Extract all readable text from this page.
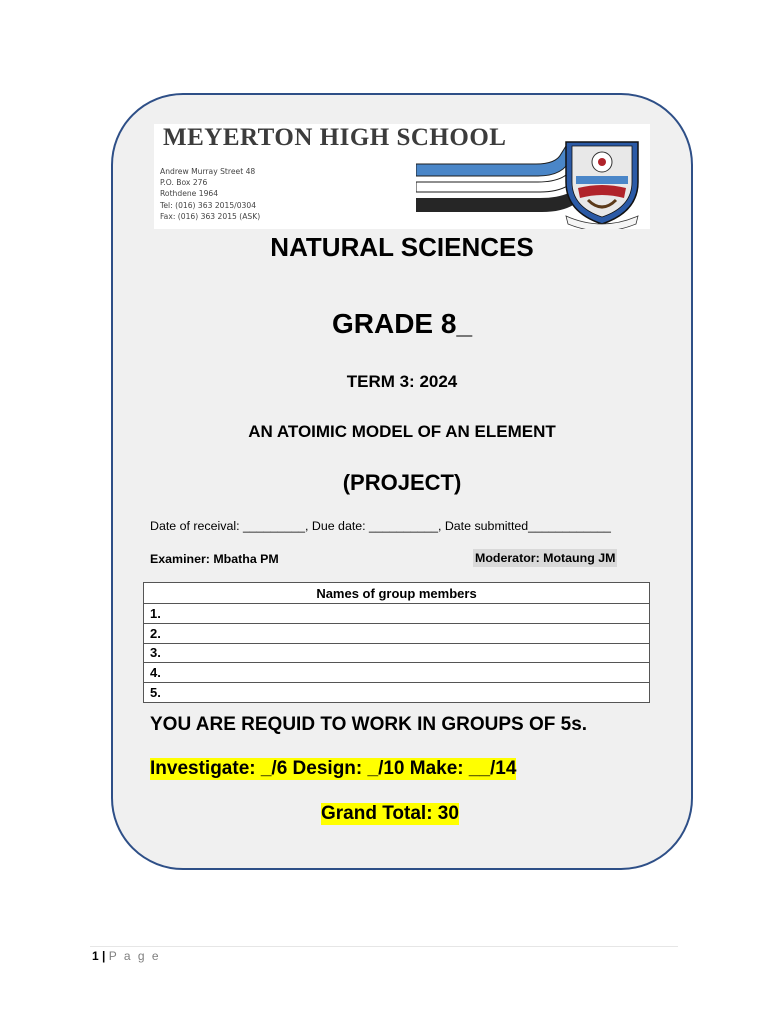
MEYERTON HIGH SCHOOL
Andrew Murray Street 48
P.O. Box 276
Rothdene 1964
Tel: (016) 363 2015/0304
Fax: (016) 363 2015 (ASK)
NATURAL SCIENCES
GRADE 8_
TERM 3: 2024
AN ATOIMIC MODEL OF AN ELEMENT
(PROJECT)
Date of receival: _________, Due date: __________, Date submitted____________
Examiner: Mbatha PM	Moderator: Motaung JM
Names of group members
1.
2.
3.
4.
5.
YOU ARE REQUID TO WORK IN GROUPS OF 5s.
Investigate: _/6 Design: _/10 Make: __/14
Grand Total: 30
1 | P a g e
